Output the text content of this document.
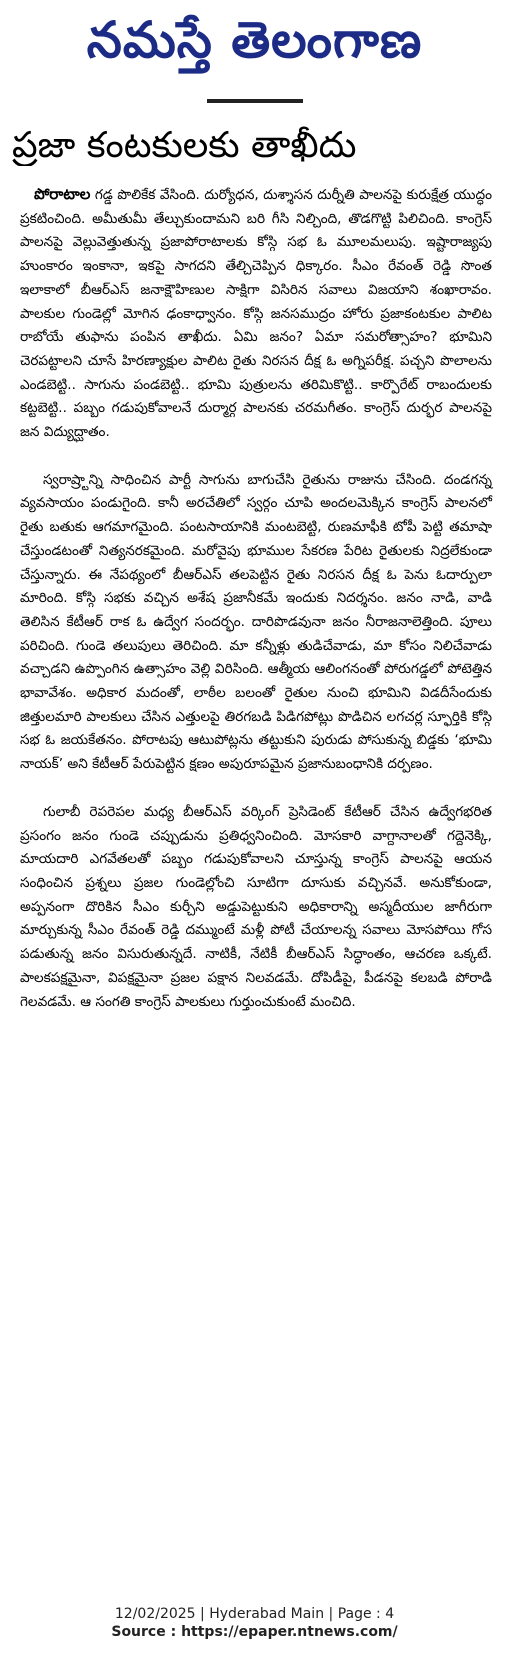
నమస్తే తెలంగాణ
ప్రజా కంటకులకు తాఖీదు

పోరాటాల గడ్డ పొలికేక వేసింది. దుర్యోధన, దుశ్శాసన దుర్నీతి పాలనపై కురుక్షేత్ర యుద్ధం ప్రకటించింది. అమీతుమీ తేల్చుకుందామని బరి గీసి నిల్చింది, తొడగొట్టి పిలిచింది. కాంగ్రెస్ పాలనపై వెల్లువెత్తుతున్న ప్రజాపోరాటాలకు కోస్గి సభ ఓ మూలమలుపు. ఇష్టారాజ్యపు హుంకారం ఇంకానా, ఇకపై సాగదని తేల్చిచెప్పిన ధిక్కారం. సీఎం రేవంత్ రెడ్డి సొంత ఇలాకాలో బీఆర్ఎస్ జనాక్షౌహిణుల సాక్షిగా విసిరిన సవాలు విజయాని శంఖారావం. పాలకుల గుండెల్లో మోగిన ఢంకాధ్వానం. కోస్గి జనసముద్రం హోరు ప్రజాకంటకుల పాలిట రాబోయే తుఫాను పంపిన తాఖీదు. ఏమి జనం? ఏమా సమరోత్సాహం? భూమిని చెరపట్టాలని చూసే హిరణ్యాక్షుల పాలిట రైతు నిరసన దీక్ష ఓ అగ్నిపరీక్ష. పచ్చని పొలాలను ఎండబెట్టి.. సాగును పండబెట్టి.. భూమి పుత్రులను తరిమికొట్టి.. కార్పొరేట్ రాబందులకు కట్టబెట్టి.. పబ్బం గడుపుకోవాలనే దుర్మార్గ పాలనకు చరమగీతం. కాంగ్రెస్ దుర్భర పాలనపై జన విద్యుద్ఘాతం.

స్వరాష్ర్టాన్ని సాధించిన పార్టీ సాగును బాగుచేసి రైతును రాజును చేసింది. దండగన్న వ్యవసాయం పండుగైంది. కానీ అరచేతిలో స్వర్గం చూపి అందలమెక్కిన కాంగ్రెస్ పాలనలో రైతు బతుకు ఆగమాగమైంది. పంటసాయానికి మంటబెట్టి, రుణమాఫీకి టోపీ పెట్టి తమాషా చేస్తుండటంతో నిత్యనరకమైంది. మరోవైపు భూముల సేకరణ పేరిట రైతులకు నిద్రలేకుండా చేస్తున్నారు. ఈ నేపథ్యంలో బీఆర్ఎస్ తలపెట్టిన రైతు నిరసన దీక్ష ఓ పెను ఓదార్పులా మారింది. కోస్గి సభకు వచ్చిన అశేష ప్రజానీకమే ఇందుకు నిదర్శనం. జనం నాడి, వాడి తెలిసిన కేటీఆర్ రాక ఓ ఉద్వేగ సందర్భం. దారిపొడవునా జనం నీరాజనాలెత్తింది. పూలు పరిచింది. గుండె తలుపులు తెరిచింది. మా కన్నీళ్లు తుడిచేవాడు, మా కోసం నిలిచేవాడు వచ్చాడని ఉప్పొంగిన ఉత్సాహం వెల్లి విరిసింది. ఆత్మీయ ఆలింగనంతో పోరుగడ్డలో పోటెత్తిన భావావేశం. అధికార మదంతో, లాఠీల బలంతో రైతుల నుంచి భూమిని విడదీసేందుకు జిత్తులమారి పాలకులు చేసిన ఎత్తులపై తిరగబడి పిడిగపోట్లు పొడిచిన లగచర్ల స్ఫూర్తికి కోస్గి సభ ఓ జయకేతనం. పోరాటపు ఆటుపోట్లను తట్టుకుని పురుడు పోసుకున్న బిడ్డకు ‘భూమి నాయక్’ అని కేటీఆర్ పేరుపెట్టిన క్షణం అపురూపమైన ప్రజానుబంధానికి దర్పణం.

గులాబీ రెపరెపల మధ్య బీఆర్ఎస్ వర్కింగ్ ప్రెసిడెంట్ కేటీఆర్ చేసిన ఉద్వేగభరిత ప్రసంగం జనం గుండె చప్పుడును ప్రతిధ్వనించింది. మోసకారి వాగ్దానాలతో గద్దెనెక్కి, మాయదారి ఎగవేతలతో పబ్బం గడుపుకోవాలని చూస్తున్న కాంగ్రెస్ పాలనపై ఆయన సంధించిన ప్రశ్నలు ప్రజల గుండెల్లోంచి సూటిగా దూసుకు వచ్చినవే. అనుకోకుండా, అప్పనంగా దొరికిన సీఎం కుర్చీని అడ్డుపెట్టుకుని అధికారాన్ని అస్మదీయుల జాగీరుగా మార్చుకున్న సీఎం రేవంత్ రెడ్డి దమ్ముంటే మళ్లీ పోటీ చేయాలన్న సవాలు మోసపోయి గోస పడుతున్న జనం విసురుతున్నదే. నాటికీ, నేటికీ బీఆర్ఎస్ సిద్ధాంతం, ఆచరణ ఒక్కటే. పాలకపక్షమైనా, విపక్షమైనా ప్రజల పక్షాన నిలవడమే. దోపిడీపై, పీడనపై కలబడి పోరాడి గెలవడమే. ఆ సంగతి కాంగ్రెస్ పాలకులు గుర్తుంచుకుంటే మంచిది.

12/02/2025 | Hyderabad Main | Page : 4
Source : https://epaper.ntnews.com/
